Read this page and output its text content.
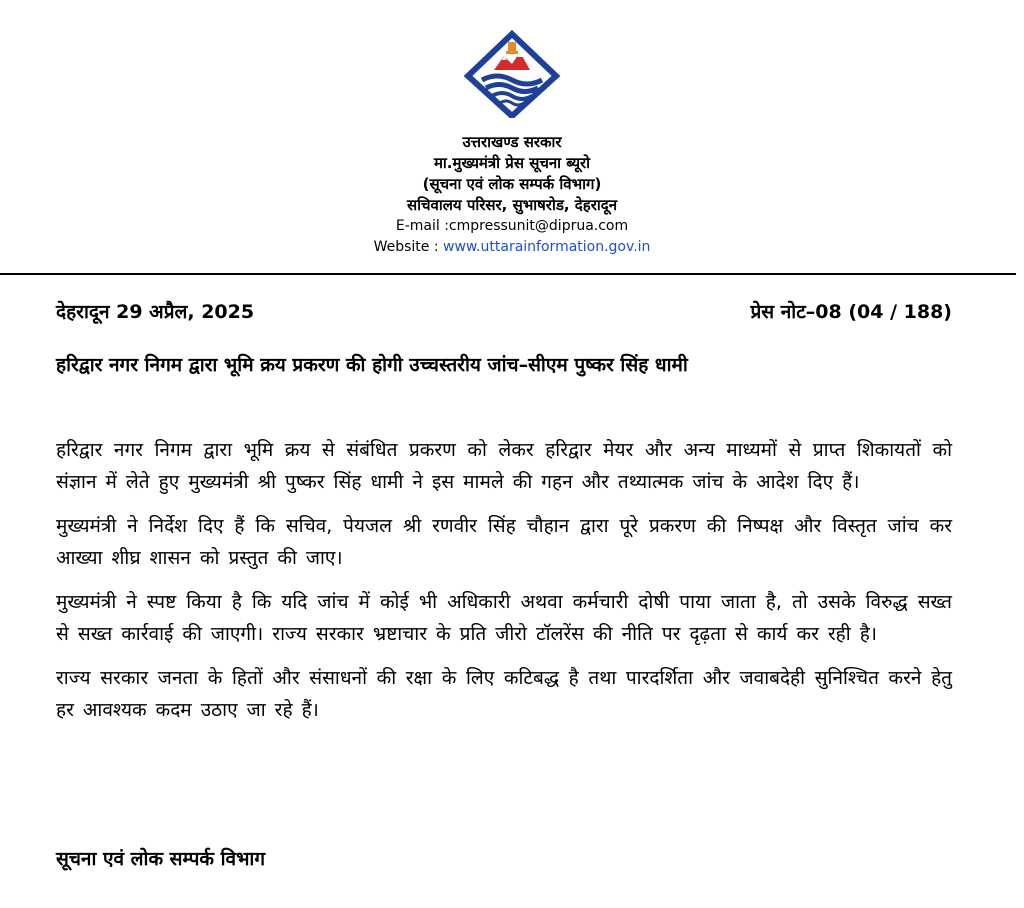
उत्तराखण्ड सरकार
मा.मुख्यमंत्री प्रेस सूचना ब्यूरो
(सूचना एवं लोक सम्पर्क विभाग)
सचिवालय परिसर, सुभाषरोड, देहरादून
E-mail :cmpressunit@diprua.com
Website : www.uttarainformation.gov.in
देहरादून 29 अप्रैल, 2025	प्रेस नोट–08 (04 / 188)
हरिद्वार नगर निगम द्वारा भूमि क्रय प्रकरण की होगी उच्चस्तरीय जांच–सीएम पुष्कर सिंह धामी

हरिद्वार नगर निगम द्वारा भूमि क्रय से संबंधित प्रकरण को लेकर हरिद्वार मेयर और अन्य माध्यमों से प्राप्त शिकायतों को संज्ञान में लेते हुए मुख्यमंत्री श्री पुष्कर सिंह धामी ने इस मामले की गहन और तथ्यात्मक जांच के आदेश दिए हैं।

मुख्यमंत्री ने निर्देश दिए हैं कि सचिव, पेयजल श्री रणवीर सिंह चौहान द्वारा पूरे प्रकरण की निष्पक्ष और विस्तृत जांच कर आख्या शीघ्र शासन को प्रस्तुत की जाए।

मुख्यमंत्री ने स्पष्ट किया है कि यदि जांच में कोई भी अधिकारी अथवा कर्मचारी दोषी पाया जाता है, तो उसके विरुद्ध सख्त से सख्त कार्रवाई की जाएगी। राज्य सरकार भ्रष्टाचार के प्रति जीरो टॉलरेंस की नीति पर दृढ़ता से कार्य कर रही है।

राज्य सरकार जनता के हितों और संसाधनों की रक्षा के लिए कटिबद्ध है तथा पारदर्शिता और जवाबदेही सुनिश्चित करने हेतु हर आवश्यक कदम उठाए जा रहे हैं।

सूचना एवं लोक सम्पर्क विभाग
